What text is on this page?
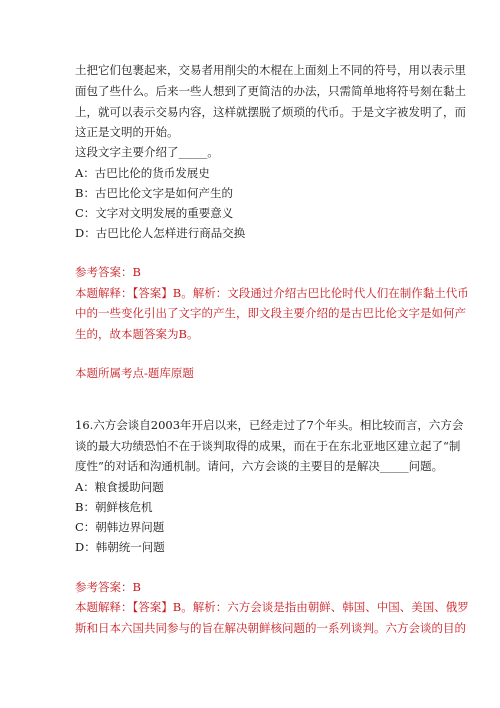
土把它们包裹起来，交易者用削尖的木棍在上面刻上不同的符号，用以表示里
面包了些什么。后来一些人想到了更简洁的办法，只需简单地将符号刻在黏土
上，就可以表示交易内容，这样就摆脱了烦琐的代币。于是文字被发明了，而
这正是文明的开始。
这段文字主要介绍了_____。
A：古巴比伦的货币发展史
B：古巴比伦文字是如何产生的
C：文字对文明发展的重要意义
D：古巴比伦人怎样进行商品交换
参考答案：B
本题解释：【答案】B。解析：文段通过介绍古巴比伦时代人们在制作黏土代币
中的一些变化引出了文字的产生，即文段主要介绍的是古巴比伦文字是如何产
生的，故本题答案为B。
本题所属考点-题库原题
16.六方会谈自2003年开启以来，已经走过了7个年头。相比较而言，六方会
谈的最大功绩恐怕不在于谈判取得的成果，而在于在东北亚地区建立起了“制
度性”的对话和沟通机制。请问，六方会谈的主要目的是解决_____问题。
A：粮食援助问题
B：朝鲜核危机
C：朝韩边界问题
D：韩朝统一问题
参考答案：B
本题解释：【答案】B。解析：六方会谈是指由朝鲜、韩国、中国、美国、俄罗
斯和日本六国共同参与的旨在解决朝鲜核问题的一系列谈判。六方会谈的目的
